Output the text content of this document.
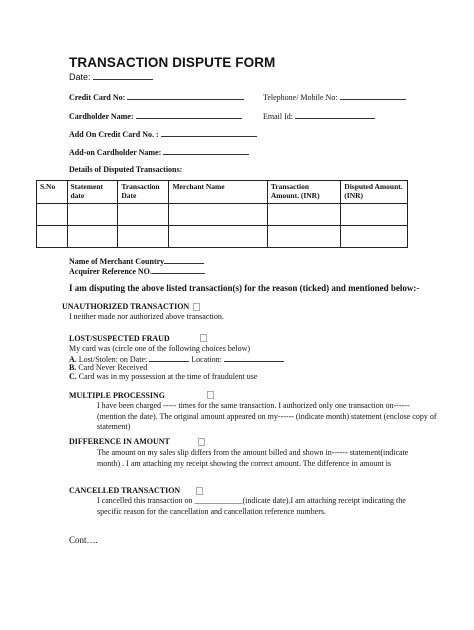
TRANSACTION DISPUTE FORM
Date:
Credit Card No:	Telephone/ Mobile No:
Cardholder Name:	Email Id:
Add On Credit Card No. :
Add-on Cardholder Name:
Details of Disputed Transactions:
S.No	Statement date	Transaction Date	Merchant Name	Transaction Amount. (INR)	Disputed Amount. (INR)

Name of Merchant Country
Acquirer Reference NO.
I am disputing the above listed transaction(s) for the reason (ticked) and mentioned below:-
UNAUTHORIZED TRANSACTION
I neither made nor authorized above transaction.
LOST/SUSPECTED FRAUD
My card was (circle one of the following choices below)
A. Lost/Stolen: on Date:	Location:
B. Card Never Received
C. Card was in my possession at the time of fraudulent use
MULTIPLE PROCESSING
I have been charged ----- times for the same transaction. I authorized only one transaction on------ (mention the date). The original amount appeared on my------ (indicate month) statement (enclose copy of statement)
DIFFERENCE IN AMOUNT
The amount on my sales slip differs from the amount billed and shown in------ statement(indicate month) . I am attaching my receipt showing the correct amount. The difference in amount is
CANCELLED TRANSACTION
I cancelled this transaction on ____________(indicate date).I am attaching receipt indicating the specific reason for the cancellation and cancellation reference numbers.
Cont….
